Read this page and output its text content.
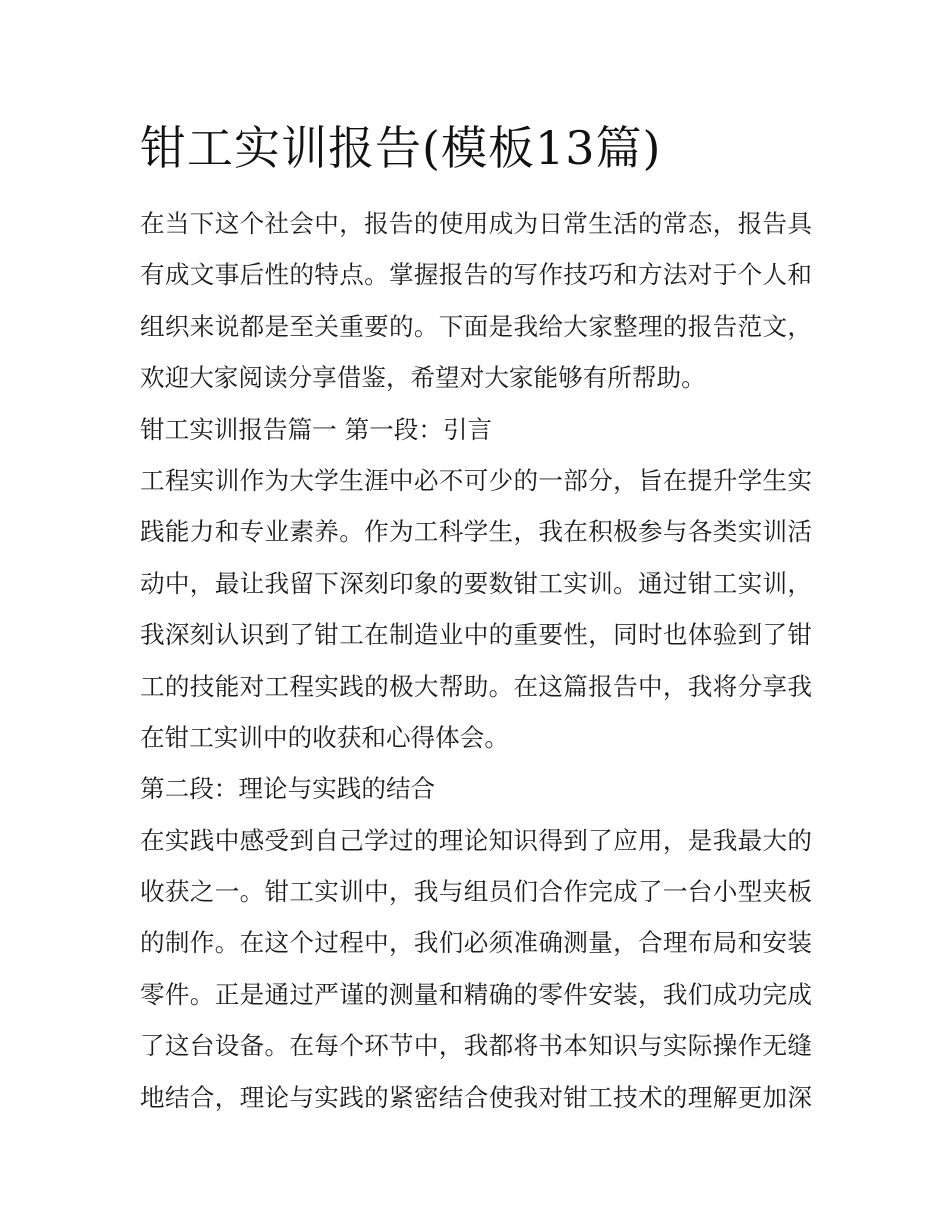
钳工实训报告(模板13篇)
在当下这个社会中，报告的使用成为日常生活的常态，报告具
有成文事后性的特点。掌握报告的写作技巧和方法对于个人和
组织来说都是至关重要的。下面是我给大家整理的报告范文，
欢迎大家阅读分享借鉴，希望对大家能够有所帮助。
钳工实训报告篇一 第一段：引言
工程实训作为大学生涯中必不可少的一部分，旨在提升学生实
践能力和专业素养。作为工科学生，我在积极参与各类实训活
动中，最让我留下深刻印象的要数钳工实训。通过钳工实训，
我深刻认识到了钳工在制造业中的重要性，同时也体验到了钳
工的技能对工程实践的极大帮助。在这篇报告中，我将分享我
在钳工实训中的收获和心得体会。
第二段：理论与实践的结合
在实践中感受到自己学过的理论知识得到了应用，是我最大的
收获之一。钳工实训中，我与组员们合作完成了一台小型夹板
的制作。在这个过程中，我们必须准确测量，合理布局和安装
零件。正是通过严谨的测量和精确的零件安装，我们成功完成
了这台设备。在每个环节中，我都将书本知识与实际操作无缝
地结合，理论与实践的紧密结合使我对钳工技术的理解更加深
